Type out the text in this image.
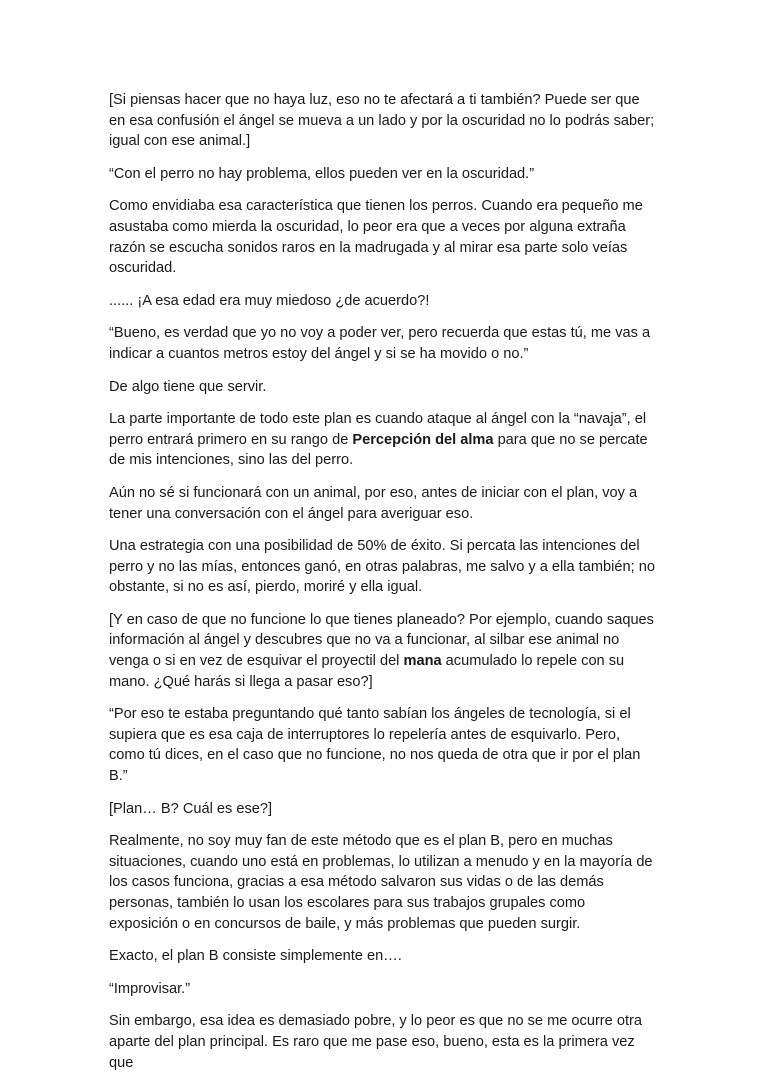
[Si piensas hacer que no haya luz, eso no te afectará a ti también? Puede ser que en esa confusión el ángel se mueva a un lado y por la oscuridad no lo podrás saber; igual con ese animal.]

“Con el perro no hay problema, ellos pueden ver en la oscuridad.”

Como envidiaba esa característica que tienen los perros. Cuando era pequeño me asustaba como mierda la oscuridad, lo peor era que a veces por alguna extraña razón se escucha sonidos raros en la madrugada y al mirar esa parte solo veías oscuridad.

...... ¡A esa edad era muy miedoso ¿de acuerdo?!

“Bueno, es verdad que yo no voy a poder ver, pero recuerda que estas tú, me vas a indicar a cuantos metros estoy del ángel y si se ha movido o no.”

De algo tiene que servir.

La parte importante de todo este plan es cuando ataque al ángel con la “navaja”, el perro entrará primero en su rango de Percepción del alma para que no se percate de mis intenciones, sino las del perro.

Aún no sé si funcionará con un animal, por eso, antes de iniciar con el plan, voy a tener una conversación con el ángel para averiguar eso.

Una estrategia con una posibilidad de 50% de éxito. Si percata las intenciones del perro y no las mías, entonces ganó, en otras palabras, me salvo y a ella también; no obstante, si no es así, pierdo, moriré y ella igual.

[Y en caso de que no funcione lo que tienes planeado? Por ejemplo, cuando saques información al ángel y descubres que no va a funcionar, al silbar ese animal no venga o si en vez de esquivar el proyectil del mana acumulado lo repele con su mano. ¿Qué harás si llega a pasar eso?]

“Por eso te estaba preguntando qué tanto sabían los ángeles de tecnología, si el supiera que es esa caja de interruptores lo repelería antes de esquivarlo. Pero, como tú dices, en el caso que no funcione, no nos queda de otra que ir por el plan B.”

[Plan… B? Cuál es ese?]

Realmente, no soy muy fan de este método que es el plan B, pero en muchas situaciones, cuando uno está en problemas, lo utilizan a menudo y en la mayoría de los casos funciona, gracias a esa método salvaron sus vidas o de las demás personas, también lo usan los escolares para sus trabajos grupales como exposición o en concursos de baile, y más problemas que pueden surgir.

Exacto, el plan B consiste simplemente en….

“Improvisar.”

Sin embargo, esa idea es demasiado pobre, y lo peor es que no se me ocurre otra aparte del plan principal. Es raro que me pase eso, bueno, esta es la primera vez que
